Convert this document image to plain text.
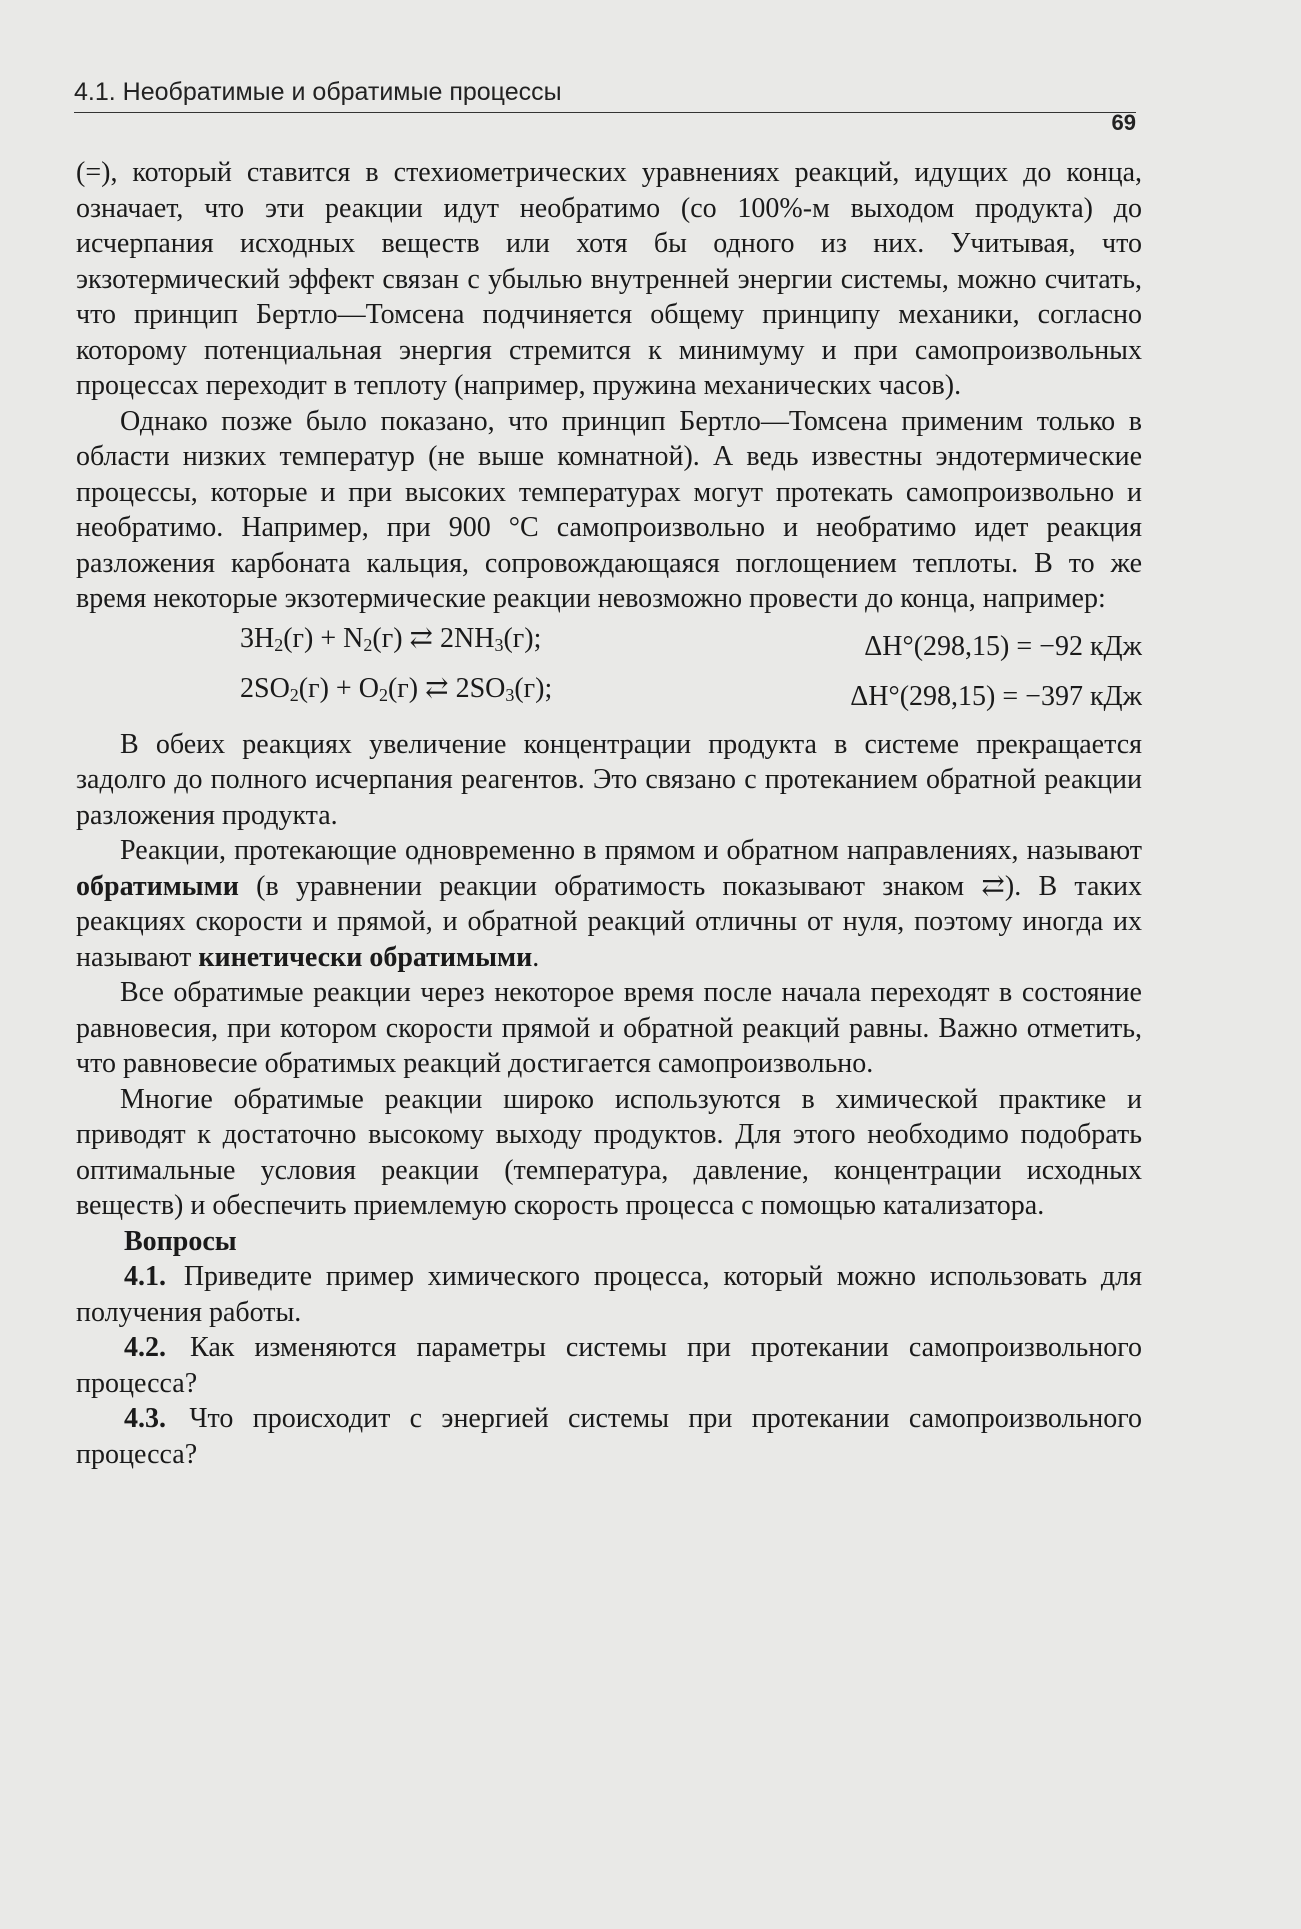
4.1. Необратимые и обратимые процессы
69

(=), который ставится в стехиометрических уравнениях реакций, идущих до конца, означает, что эти реакции идут необратимо (со 100%-м выходом продукта) до исчерпания исходных веществ или хотя бы одного из них. Учитывая, что экзотермический эффект связан с убылью внутренней энергии системы, можно считать, что принцип Бертло—Томсена подчиняется общему принципу механики, согласно которому потенциальная энергия стремится к минимуму и при самопроизвольных процессах переходит в теплоту (например, пружина механических часов).

Однако позже было показано, что принцип Бертло—Томсена применим только в области низких температур (не выше комнатной). А ведь известны эндотермические процессы, которые и при высоких температурах могут протекать самопроизвольно и необратимо. Например, при 900 °С самопроизвольно и необратимо идет реакция разложения карбоната кальция, сопровождающаяся поглощением теплоты. В то же время некоторые экзотермические реакции невозможно провести до конца, например:

$3H_2(г) + N_2(г)$ ⇄ $2NH_3(г)$;	ΔH°(298,15) = −92 кДж
$2SO_2(г) + O_2(г)$ ⇄ $2SO_3(г)$;	ΔH°(298,15) = −397 кДж

В обеих реакциях увеличение концентрации продукта в системе прекращается задолго до полного исчерпания реагентов. Это связано с протеканием обратной реакции разложения продукта.

Реакции, протекающие одновременно в прямом и обратном направлениях, называют обратимыми (в уравнении реакции обратимость показывают знаком ⇄). В таких реакциях скорости и прямой, и обратной реакций отличны от нуля, поэтому иногда их называют кинетически обратимыми.

Все обратимые реакции через некоторое время после начала переходят в состояние равновесия, при котором скорости прямой и обратной реакций равны. Важно отметить, что равновесие обратимых реакций достигается самопроизвольно.

Многие обратимые реакции широко используются в химической практике и приводят к достаточно высокому выходу продуктов. Для этого необходимо подобрать оптимальные условия реакции (температура, давление, концентрации исходных веществ) и обеспечить приемлемую скорость процесса с помощью катализатора.

Вопросы

4.1. Приведите пример химического процесса, который можно использовать для получения работы.

4.2. Как изменяются параметры системы при протекании самопроизвольного процесса?

4.3. Что происходит с энергией системы при протекании самопроизвольного процесса?
